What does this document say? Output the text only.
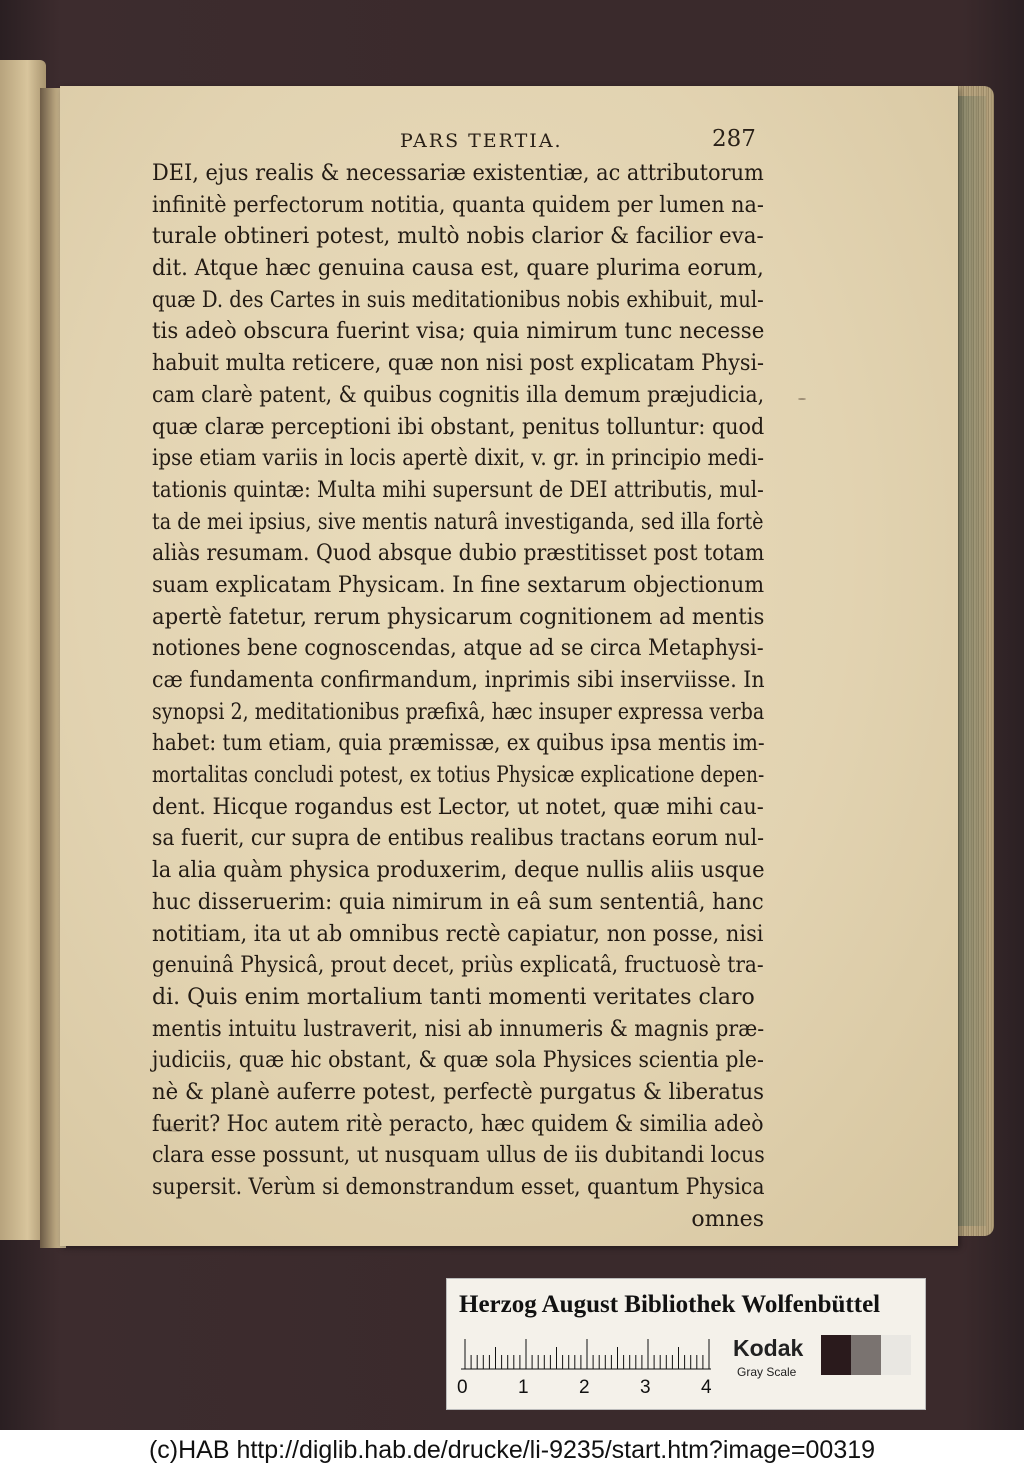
PARS TERTIA.	287
DEI, ejus realis & necessariæ existentiæ, ac attributorum
infinitè perfectorum notitia, quanta quidem per lumen na-
turale obtineri potest, multò nobis clarior & facilior eva-
dit. Atque hæc genuina causa est, quare plurima eorum,
quæ D. des Cartes in suis meditationibus nobis exhibuit, mul-
tis adeò obscura fuerint visa; quia nimirum tunc necesse
habuit multa reticere, quæ non nisi post explicatam Physi-
cam clarè patent, & quibus cognitis illa demum præjudicia,
quæ claræ perceptioni ibi obstant, penitus tolluntur: quod
ipse etiam variis in locis apertè dixit, v. gr. in principio medi-
tationis quintæ: Multa mihi supersunt de DEI attributis, mul-
ta de mei ipsius, sive mentis naturâ investiganda, sed illa fortè
aliàs resumam. Quod absque dubio præstitisset post totam
suam explicatam Physicam. In fine sextarum objectionum
apertè fatetur, rerum physicarum cognitionem ad mentis
notiones bene cognoscendas, atque ad se circa Metaphysi-
cæ fundamenta confirmandum, inprimis sibi inserviisse. In
synopsi 2, meditationibus præfixâ, hæc insuper expressa verba
habet: tum etiam, quia præmissæ, ex quibus ipsa mentis im-
mortalitas concludi potest, ex totius Physicæ explicatione depen-
dent. Hicque rogandus est Lector, ut notet, quæ mihi cau-
sa fuerit, cur supra de entibus realibus tractans eorum nul-
la alia quàm physica produxerim, deque nullis aliis usque
huc disseruerim: quia nimirum in eâ sum sententiâ, hanc
notitiam, ita ut ab omnibus rectè capiatur, non posse, nisi
genuinâ Physicâ, prout decet, priùs explicatâ, fructuosè tra-
di. Quis enim mortalium tanti momenti veritates claro
mentis intuitu lustraverit, nisi ab innumeris & magnis præ-
judiciis, quæ hic obstant, & quæ sola Physices scientia ple-
nè & planè auferre potest, perfectè purgatus & liberatus
fuerit? Hoc autem ritè peracto, hæc quidem & similia adeò
clara esse possunt, ut nusquam ullus de iis dubitandi locus
supersit. Verùm si demonstrandum esset, quantum Physica
omnes
Herzog August Bibliothek Wolfenbüttel
0	1	2	3	4
Kodak
Gray Scale
(c)HAB http://diglib.hab.de/drucke/li-9235/start.htm?image=00319
